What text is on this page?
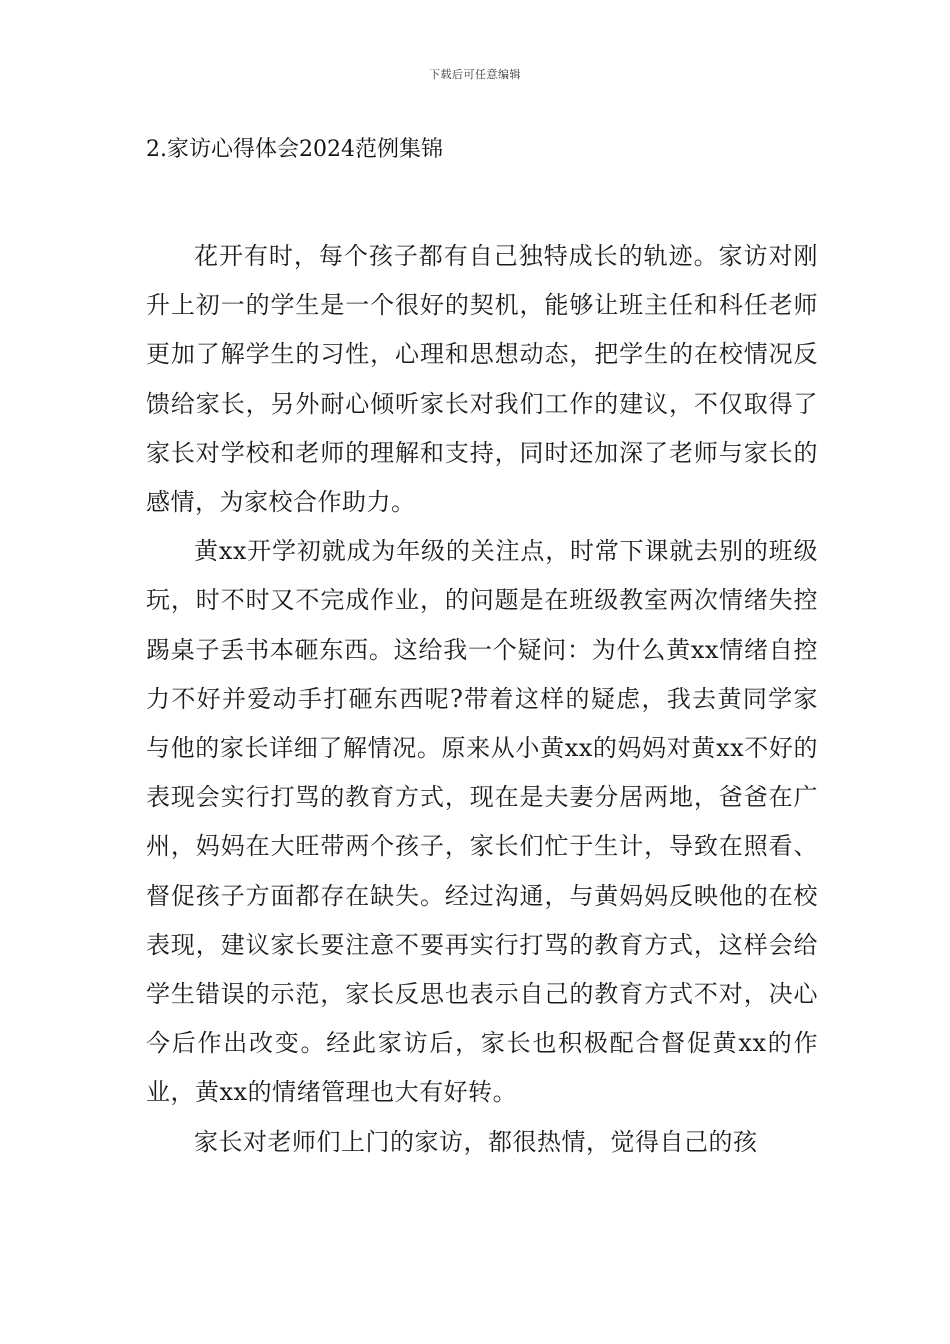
下载后可任意编辑
2.家访心得体会2024范例集锦

花开有时，每个孩子都有自己独特成长的轨迹。家访对刚升上初一的学生是一个很好的契机，能够让班主任和科任老师更加了解学生的习性，心理和思想动态，把学生的在校情况反馈给家长，另外耐心倾听家长对我们工作的建议，不仅取得了家长对学校和老师的理解和支持，同时还加深了老师与家长的感情，为家校合作助力。

黄xx开学初就成为年级的关注点，时常下课就去别的班级玩，时不时又不完成作业，的问题是在班级教室两次情绪失控踢桌子丢书本砸东西。这给我一个疑问：为什么黄xx情绪自控力不好并爱动手打砸东西呢?带着这样的疑虑，我去黄同学家与他的家长详细了解情况。原来从小黄xx的妈妈对黄xx不好的表现会实行打骂的教育方式，现在是夫妻分居两地，爸爸在广州，妈妈在大旺带两个孩子，家长们忙于生计，导致在照看、督促孩子方面都存在缺失。经过沟通，与黄妈妈反映他的在校表现，建议家长要注意不要再实行打骂的教育方式，这样会给学生错误的示范，家长反思也表示自己的教育方式不对，决心今后作出改变。经此家访后，家长也积极配合督促黄xx的作业，黄xx的情绪管理也大有好转。

家长对老师们上门的家访，都很热情，觉得自己的孩
